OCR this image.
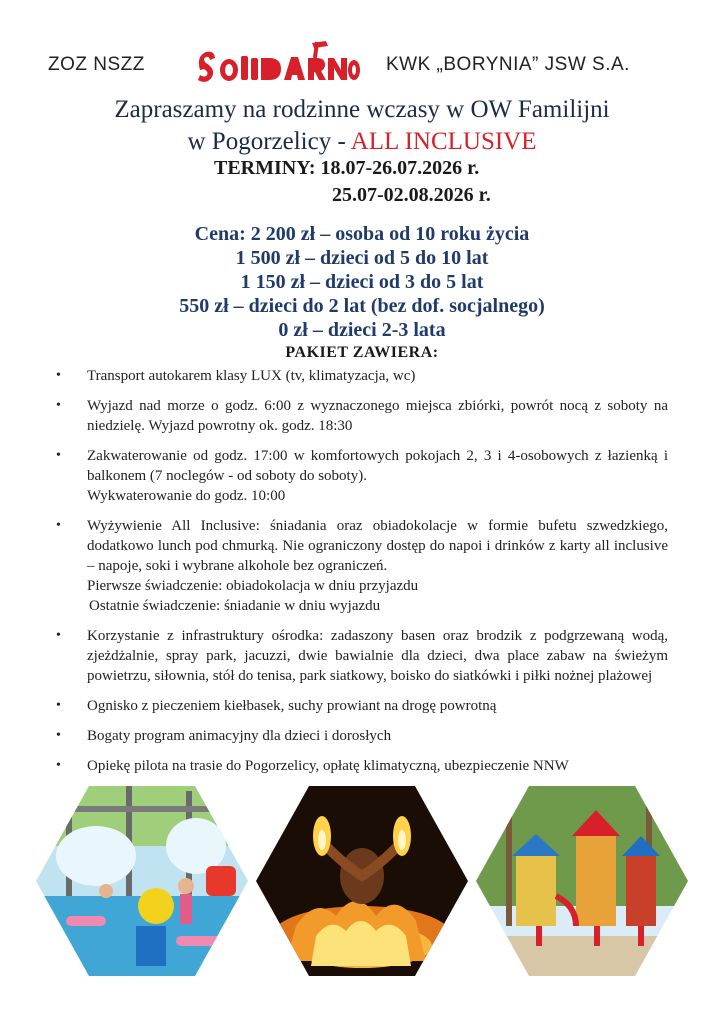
ZOZ NSZZ	KWK „BORYNIA” JSW S.A.
Zapraszamy na rodzinne wczasy w OW Familijni
w Pogorzelicy - ALL INCLUSIVE
TERMINY: 18.07-26.07.2026 r.
25.07-02.08.2026 r.
Cena: 2 200 zł – osoba od 10 roku życia
1 500 zł – dzieci od 5 do 10 lat
1 150 zł – dzieci od 3 do 5 lat
550 zł – dzieci do 2 lat (bez dof. socjalnego)
0 zł – dzieci 2-3 lata
PAKIET ZAWIERA:
• Transport autokarem klasy LUX (tv, klimatyzacja, wc)
• Wyjazd nad morze o godz. 6:00 z wyznaczonego miejsca zbiórki, powrót nocą z soboty na niedzielę. Wyjazd powrotny ok. godz. 18:30
• Zakwaterowanie od godz. 17:00 w komfortowych pokojach 2, 3 i 4-osobowych z łazienką i balkonem (7 noclegów - od soboty do soboty).
Wykwaterowanie do godz. 10:00
• Wyżywienie All Inclusive: śniadania oraz obiadokolacje w formie bufetu szwedzkiego, dodatkowo lunch pod chmurką. Nie ograniczony dostęp do napoi i drinków z karty all inclusive – napoje, soki i wybrane alkohole bez ograniczeń.
Pierwsze świadczenie: obiadokolacja w dniu przyjazdu
Ostatnie świadczenie: śniadanie w dniu wyjazdu
• Korzystanie z infrastruktury ośrodka: zadaszony basen oraz brodzik z podgrzewaną wodą, zjeżdżalnie, spray park, jacuzzi, dwie bawialnie dla dzieci, dwa place zabaw na świeżym powietrzu, siłownia, stół do tenisa, park siatkowy, boisko do siatkówki i piłki nożnej plażowej
• Ognisko z pieczeniem kiełbasek, suchy prowiant na drogę powrotną
• Bogaty program animacyjny dla dzieci i dorosłych
• Opiekę pilota na trasie do Pogorzelicy, opłatę klimatyczną, ubezpieczenie NNW
